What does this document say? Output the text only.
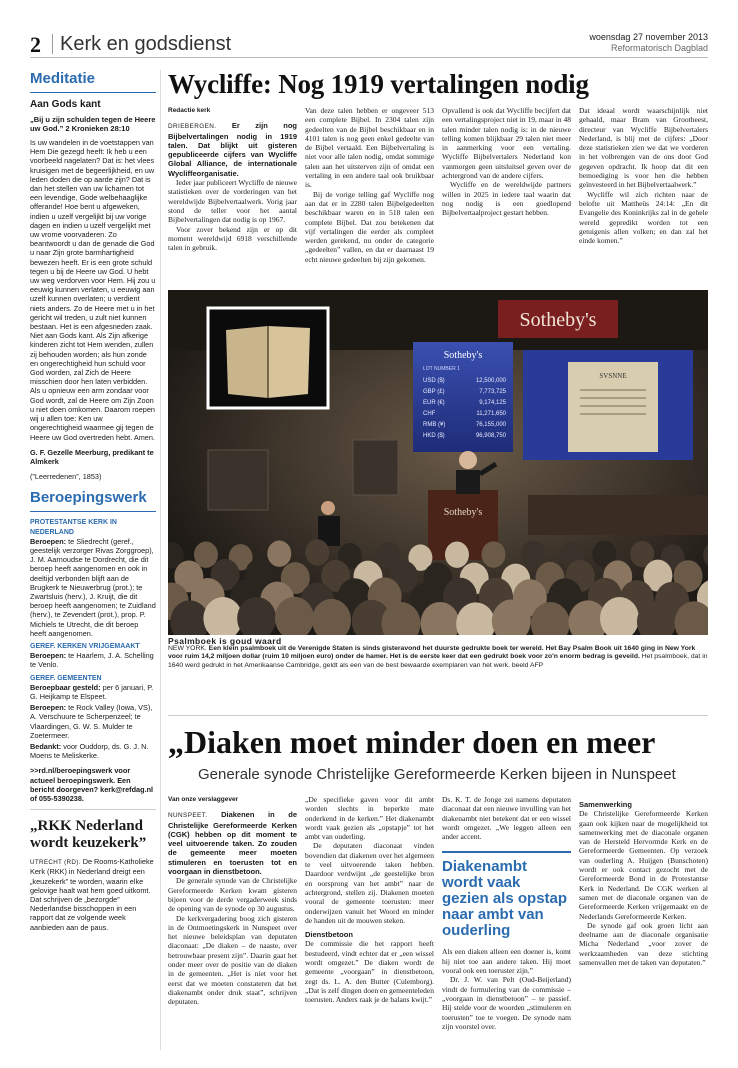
2 Kerk en godsdienst	woensdag 27 november 2013
Reformatorisch Dagblad
Meditatie
Aan Gods kant
„Bij u zijn schulden tegen de Heere uw God.” 2 Kronieken 28:10

Is uw wandelen in de voetstappen van Hem Die gezegd heeft: Ik heb u een voorbeeld nagelaten? Dat is: het vlees kruisigen met de begeerlijkheid, en uw leden doden die op aarde zijn? Dat is dan het stellen van uw lichamen tot een levendige, Gode welbehaaglijke offerande! Hoe bent u afgeweken, indien u uzelf vergelijkt bij uw vorige dagen en indien u uzelf vergelijkt met uw vrome voorvaderen. Zo beantwoordt u dan de genade die God u naar Zijn grote barmhartigheid bewezen heeft. Er is een grote schuld tegen u bij de Heere uw God. U hebt uw weg verdorven voor Hem. Hij zou u eeuwig kunnen verlaten, u eeuwig aan uzelf kunnen overlaten; u verdient niets anders. Zo de Heere met u in het gericht wil treden, u zult niet kunnen bestaan. Het is een afgesneden zaak. Niet aan Gods kant. Als Zijn afkerige kinderen zicht tot Hem wenden, zullen zij behouden worden; als hun zonde en ongerechtigheid hun schuld voor God worden, zal Zich de Heere misschien door hen laten verbidden. Als u opnieuw een arm zondaar voor God wordt, zal de Heere om Zijn Zoon u niet doen omkomen. Daarom roepen wij u allen toe: Ken uw ongerechtigheid waarmee gij tegen de Heere uw God overtreden hebt. Amen.

G. F. Gezelle Meerburg, predikant te Almkerk
(”Leerredenen”, 1853)
Beroepingswerk
PROTESTANTSE KERK IN NEDERLAND

Beroepen: te Sliedrecht (geref., geestelijk verzorger Rivas Zorggroep), J. M. Aarnoudse te Dordrecht, die dit beroep heeft aangenomen en ook in deeltijd verbonden blijft aan de Brugkerk te Nieuwerbrug (prot.); te Zwartsluis (herv.), J. Kruijt, die dit beroep heeft aangenomen; te Zuidland (herv.), te Zevendert (prot.), prop. P. Michiels te Utrecht, die dit beroep heeft aangenomen.

GEREF. KERKEN VRIJGEMAAKT

Beroepen: te Haarlem, J. A. Schelling te Venlo.

GEREF. GEMEENTEN

Beroepbaar gesteld: per 6 januari, P. G. Heijkamp te Elspeet.

Beroepen: te Rock Valley (Iowa, VS), A. Verschuure te Scherpenzeel; te Vlaardingen, G. W. S. Mulder te Zoetermeer.

Bedankt: voor Ouddorp, ds. G. J. N. Moens te Meliskerke.

>>rd.nl/beroepingswerk voor actueel beroepingswerk. Een bericht doorgeven? kerk@refdag.nl of 055-5390238.
„RKK Nederland wordt keuzekerk”
UTRECHT (RD). De Rooms-Katholieke Kerk (RKK) in Nederland dreigt een „keuzekerk” te worden, waarin elke gelovige haalt wat hem goed uitkomt. Dat schrijven de „bezorgde” Nederlandse bisschoppen in een rapport dat ze volgende week aanbieden aan de paus.
Wycliffe: Nog 1919 vertalingen nodig
Redactie kerk

DRIEBERGEN. Er zijn nog Bijbelvertalingen nodig in 1919 talen. Dat blijkt uit gisteren gepubliceerde cijfers van Wycliffe Global Alliance, de internationale Wycliffeorganisatie.

Ieder jaar publiceert Wycliffe de nieuwe statistieken over de vorderingen van het wereldwijde Bijbelvertaalwerk. Vorig jaar stond de teller voor het aantal Bijbelvertalingen dat nodig is op 1967.

Voor zover bekend zijn er op dit moment wereldwijd 6918 verschillende talen in gebruik.

Van deze talen hebben er ongeveer 513 een complete Bijbel. In 2304 talen zijn gedeelten van de Bijbel beschikbaar en in 4101 talen is nog geen enkel gedeelte van de Bijbel vertaald. Een Bijbelvertaling is niet voor alle talen nodig, omdat sommige talen aan het uitsterven zijn of omdat een vertaling in een andere taal ook bruikbaar is.

Bij de vorige telling gaf Wycliffe nog aan dat er in 2280 talen Bijbelgedeelten beschikbaar waren en in 518 talen een complete Bijbel. Dat zou betekenen dat vijf vertalingen die eerder als compleet werden gerekend, nu onder de categorie „gedeelten” vallen, en dat er daarnaast 19 echt nieuwe gedeelten bij zijn gekomen.

Opvallend is ook dat Wycliffe becijfert dat een vertalingsproject niet in 19, maar in 48 talen minder talen nodig is: in de nieuwe telling komen blijkbaar 29 talen niet meer in aanmerking voor een vertaling. Wycliffe Bijbelvertalers Nederland kon vanmorgen geen uitsluitsel geven over de achtergrond van de andere cijfers.

Wycliffe en de wereldwijde partners willen in 2025 in iedere taal waarin dat nog nodig is een goedlopend Bijbelvertaalproject gestart hebben.

Dat ideaal wordt waarschijnlijk niet gehaald, maar Bram van Grootheest, directeur van Wycliffe Bijbelvertalers Nederland, is blij met de cijfers: „Door deze statistieken zien we dat we vorderen in het volbrengen van de ons door God gegeven opdracht. Ik hoop dat dit een bemoediging is voor hen die hebben geïnvesteerd in het Bijbelvertaalwerk.”

Wycliffe wil zich richten naar de belofte uit Mattheüs 24:14: „En dit Evangelie des Koninkrijks zal in de gehele wereld gepredikt worden tot een getuigenis allen volken; en dan zal het einde komen.”

Sotheby's
Sotheby's
LOT NUMBER 1
USD ($)	12,500,000
GBP (£)	7,773,725
EUR (€)	9,174,125
CHF	11,271,650
RMB (¥)	76,155,000
HKD ($)	96,908,750
SVSNNE
Sotheby's
Psalmboek is goud waard
NEW YORK. Een klein psalmboek uit de Verenigde Staten is sinds gisteravond het duurste gedrukte boek ter wereld. Het Bay Psalm Book uit 1640 ging in New York voor ruim 14,2 miljoen dollar (ruim 10 miljoen euro) onder de hamer. Het is de eerste keer dat een gedrukt boek voor zo'n enorm bedrag is geveild. Het psalmboek, dat in 1640 werd gedrukt in het Amerikaanse Cambridge, geldt als een van de best bewaarde exemplaren van het werk. beeld AFP
„Diaken moet minder doen en meer
Generale synode Christelijke Gereformeerde Kerken bijeen in Nunspeet
Van onze verslaggever

NUNSPEET. Diakenen in de Christelijke Gereformeerde Kerken (CGK) hebben op dit moment te veel uitvoerende taken. Zo zouden de gemeente meer moeten stimuleren en toerusten tot en voorgaan in dienstbetoon.

De generale synode van de Christelijke Gereformeerde Kerken kwam gisteren bijeen voor de derde vergaderweek sinds de opening van de synode op 30 augustus.

De kerkvergadering boog zich gisteren in de Ontmoetingskerk in Nunspeet over het nieuwe beleidsplan van deputaten diaconaat: „De diaken ‒ de naaste, over betrouwbaar present zijn”. Daarin gaat het onder meer over de positie van de diaken in de gemeenten. „Het is niet voor het eerst dat we moeten constateren dat het diakenambt onder druk staat”, schrijven deputaten.

„De specifieke gaven voor dit ambt worden slechts in beperkte mate onderkend in de kerken.” Het diakenambt wordt vaak gezien als „opstapje” tot het ambt van ouderling.

De deputaten diaconaat vinden bovendien dat diakenen over het algemeen te veel uitvoerende taken hebben. Daardoor verdwijnt „de geestelijke bron en oorsprong van het ambt” naar de achtergrond, stellen zij. Diakenen moeten vooral de gemeente toerusten: meer onderwijzen vanuit het Woord en minder de handen uit de mouwen steken.

Dienstbetoon

De commissie die het rapport heeft bestudeerd, vindt echter dat er „een wissel wordt omgezet.” De diaken wordt de gemeente „voorgaan” in dienstbetoon, zegt ds. L. A. den Butter (Culemborg). „Dat is zelf dingen doen en gemeenteleden toerusten. Anders raak je de balans kwijt.”

Ds. K. T. de Jonge zei namens deputaten diaconaat dat een nieuwe invulling van het diakenambt niet betekent dat er een wissel wordt omgezet. „We leggen alleen een ander accent.

Diakenambt wordt vaak gezien als opstap naar ambt van ouderling

Als een diaken alleen een doener is, komt hij niet toe aan andere taken. Hij moet vooral ook een toeruster zijn.”

Dr. J. W. van Pelt (Oud-Beijerland) vindt de formulering van de commissie ‒ „voorgaan in dienstbetoon” ‒ te passief. Hij stelde voor de woorden „stimuleren en toerusten” toe te voegen. De synode nam zijn voorstel over.

Samenwerking

De Christelijke Gereformeerde Kerken gaan ook kijken naar de mogelijkheid tot samenwerking met de diaconale organen van de Hersteld Hervormde Kerk en de Gereformeerde Gemeenten. Op verzoek van ouderling A. Huijgen (Bunschoten) wordt er ook contact gezocht met de Gereformeerde Bond in de Protestantse Kerk in Nederland. De CGK werken al samen met de diaconale organen van de Gereformeerde Kerken vrijgemaakt en de Nederlands Gereformeerde Kerken.

De synode gaf ook groen licht aan deelname aan de diaconale organisatie Micha Nederland „voor zover de werkzaamheden van deze stichting samenvallen met de taken van deputaten.”
